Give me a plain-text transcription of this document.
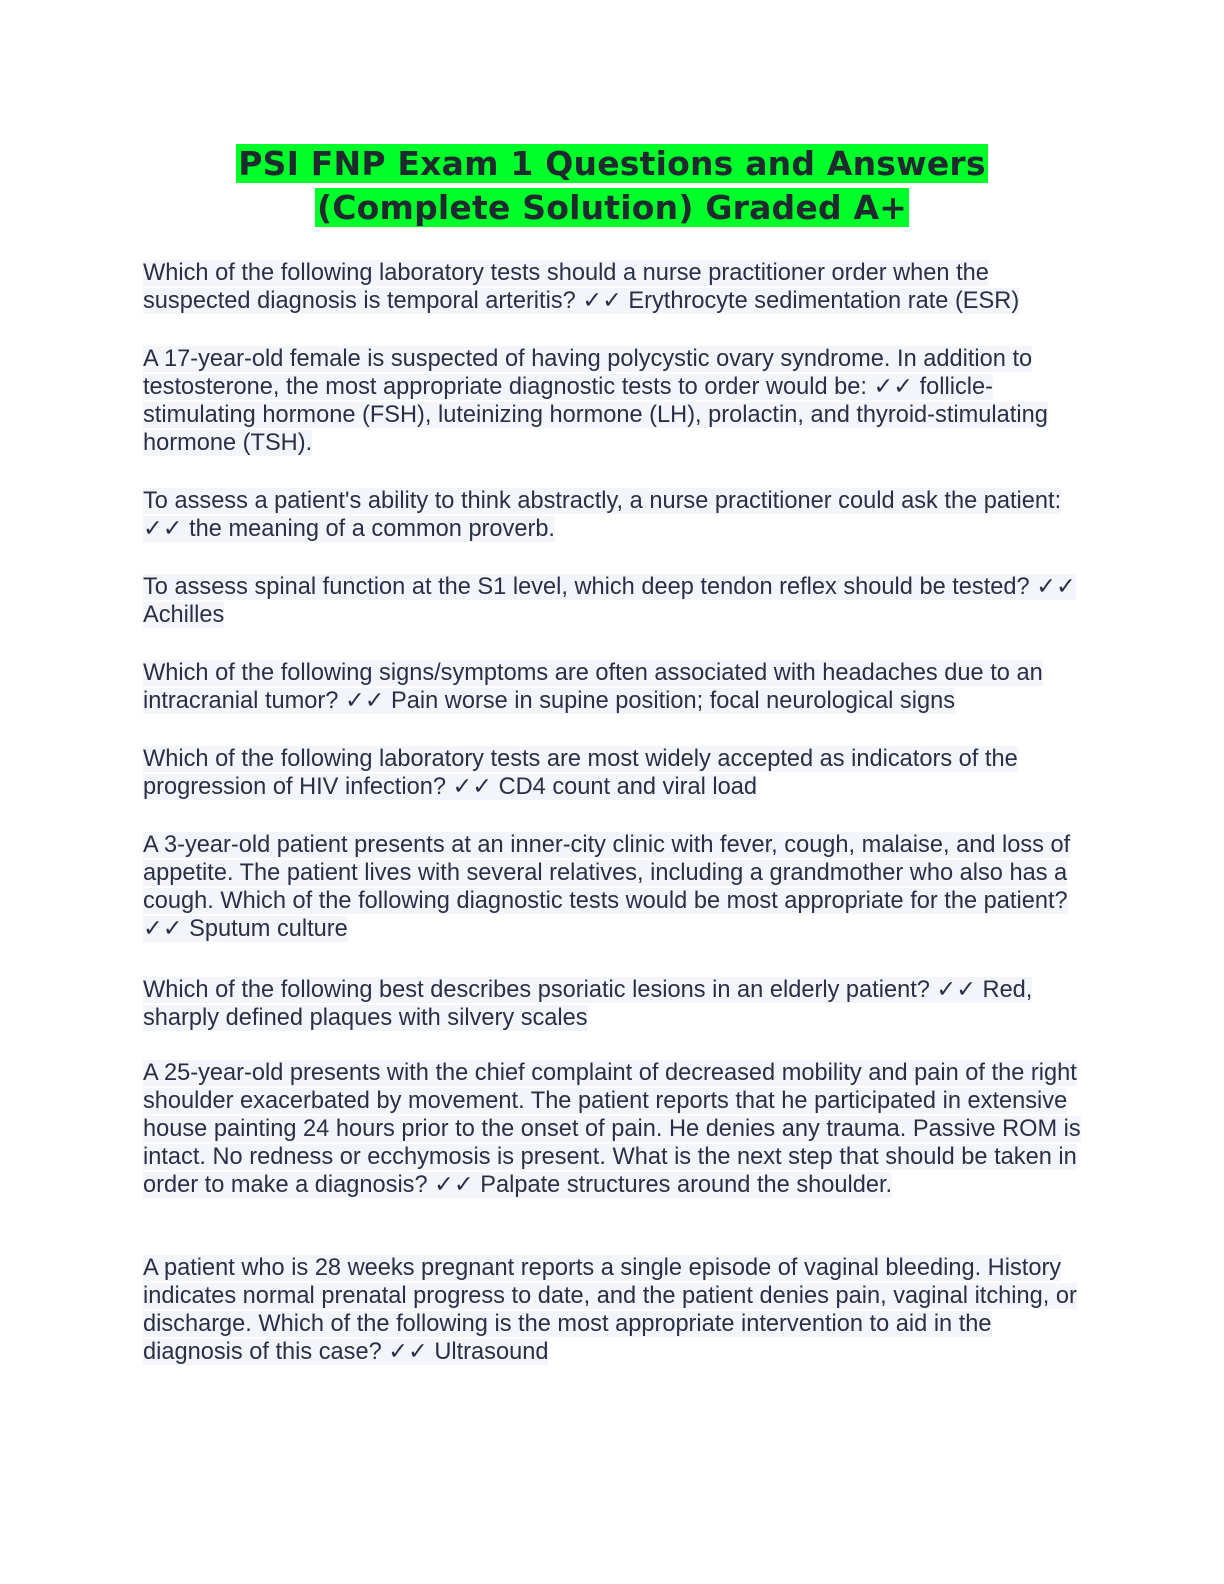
PSI FNP Exam 1 Questions and Answers (Complete Solution) Graded A+
Which of the following laboratory tests should a nurse practitioner order when the suspected diagnosis is temporal arteritis? ✓✓ Erythrocyte sedimentation rate (ESR)
A 17-year-old female is suspected of having polycystic ovary syndrome. In addition to testosterone, the most appropriate diagnostic tests to order would be: ✓✓ follicle-stimulating hormone (FSH), luteinizing hormone (LH), prolactin, and thyroid-stimulating hormone (TSH).
To assess a patient's ability to think abstractly, a nurse practitioner could ask the patient: ✓✓ the meaning of a common proverb.
To assess spinal function at the S1 level, which deep tendon reflex should be tested? ✓✓ Achilles
Which of the following signs/symptoms are often associated with headaches due to an intracranial tumor? ✓✓ Pain worse in supine position; focal neurological signs
Which of the following laboratory tests are most widely accepted as indicators of the progression of HIV infection? ✓✓ CD4 count and viral load
A 3-year-old patient presents at an inner-city clinic with fever, cough, malaise, and loss of appetite. The patient lives with several relatives, including a grandmother who also has a cough. Which of the following diagnostic tests would be most appropriate for the patient? ✓✓ Sputum culture
Which of the following best describes psoriatic lesions in an elderly patient? ✓✓ Red, sharply defined plaques with silvery scales
A 25-year-old presents with the chief complaint of decreased mobility and pain of the right shoulder exacerbated by movement. The patient reports that he participated in extensive house painting 24 hours prior to the onset of pain. He denies any trauma. Passive ROM is intact. No redness or ecchymosis is present. What is the next step that should be taken in order to make a diagnosis? ✓✓ Palpate structures around the shoulder.
A patient who is 28 weeks pregnant reports a single episode of vaginal bleeding. History indicates normal prenatal progress to date, and the patient denies pain, vaginal itching, or discharge. Which of the following is the most appropriate intervention to aid in the diagnosis of this case? ✓✓ Ultrasound
